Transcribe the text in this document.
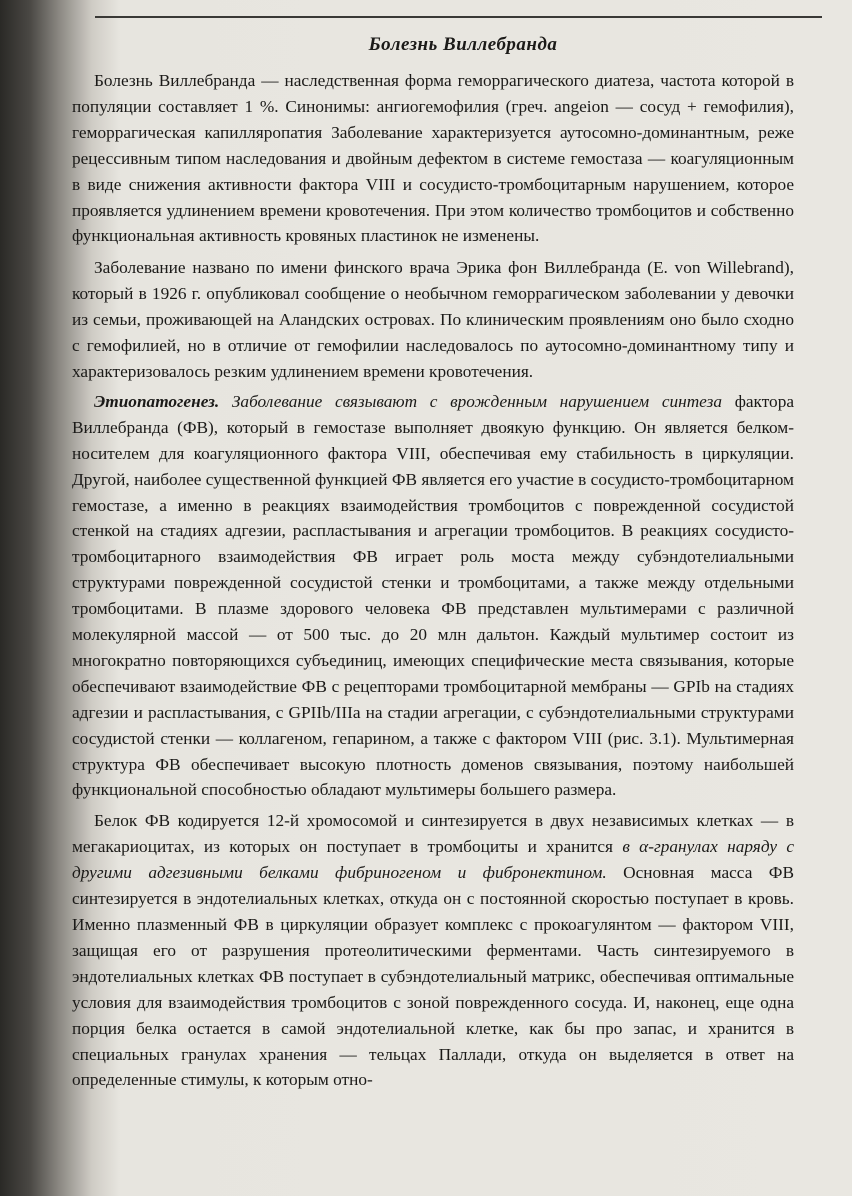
Болезнь Виллебранда

Болезнь Виллебранда — наследственная форма геморрагического диатеза, частота которой в популяции составляет 1 %. Синонимы: ангиогемофилия (греч. angeion — сосуд + гемофилия), геморрагическая капилляропатия Заболевание характеризуется аутосомно-доминантным, реже рецессивным типом наследования и двойным дефектом в системе гемостаза — коагуляционным в виде снижения активности фактора VIII и сосудисто-тромбоцитарным нарушением, которое проявляется удлинением времени кровотечения. При этом количество тромбоцитов и собственно функциональная активность кровяных пластинок не изменены.

Заболевание названо по имени финского врача Эрика фон Виллебранда (E. von Willebrand), который в 1926 г. опубликовал сообщение о необычном геморрагическом заболевании у девочки из семьи, проживающей на Аландских островах. По клиническим проявлениям оно было сходно с гемофилией, но в отличие от гемофилии наследовалось по аутосомно-доминантному типу и характеризовалось резким удлинением времени кровотечения.

Этиопатогенез. Заболевание связывают с врожденным нарушением синтеза фактора Виллебранда (ФВ), который в гемостазе выполняет двоякую функцию. Он является белком-носителем для коагуляционного фактора VIII, обеспечивая ему стабильность в циркуляции. Другой, наиболее существенной функцией ФВ является его участие в сосудисто-тромбоцитарном гемостазе, а именно в реакциях взаимодействия тромбоцитов с поврежденной сосудистой стенкой на стадиях адгезии, распластывания и агрегации тромбоцитов. В реакциях сосудисто-тромбоцитарного взаимодействия ФВ играет роль моста между субэндотелиальными структурами поврежденной сосудистой стенки и тромбоцитами, а также между отдельными тромбоцитами. В плазме здорового человека ФВ представлен мультимерами с различной молекулярной массой — от 500 тыс. до 20 млн дальтон. Каждый мультимер состоит из многократно повторяющихся субъединиц, имеющих специфические места связывания, которые обеспечивают взаимодействие ФВ с рецепторами тромбоцитарной мембраны — GPIb на стадиях адгезии и распластывания, с GPIIb/IIIa на стадии агрегации, с субэндотелиальными структурами сосудистой стенки — коллагеном, гепарином, а также с фактором VIII (рис. 3.1). Мультимерная структура ФВ обеспечивает высокую плотность доменов связывания, поэтому наибольшей функциональной способностью обладают мультимеры большего размера.

Белок ФВ кодируется 12-й хромосомой и синтезируется в двух независимых клетках — в мегакариоцитах, из которых он поступает в тромбоциты и хранится в α-гранулах наряду с другими адгезивными белками фибриногеном и фибронектином. Основная масса ФВ синтезируется в эндотелиальных клетках, откуда он с постоянной скоростью поступает в кровь. Именно плазменный ФВ в циркуляции образует комплекс с прокоагулянтом — фактором VIII, защищая его от разрушения протеолитическими ферментами. Часть синтезируемого в эндотелиальных клетках ФВ поступает в субэндотелиальный матрикс, обеспечивая оптимальные условия для взаимодействия тромбоцитов с зоной поврежденного сосуда. И, наконец, еще одна порция белка остается в самой эндотелиальной клетке, как бы про запас, и хранится в специальных гранулах хранения — тельцах Паллади, откуда он выделяется в ответ на определенные стимулы, к которым отно-
